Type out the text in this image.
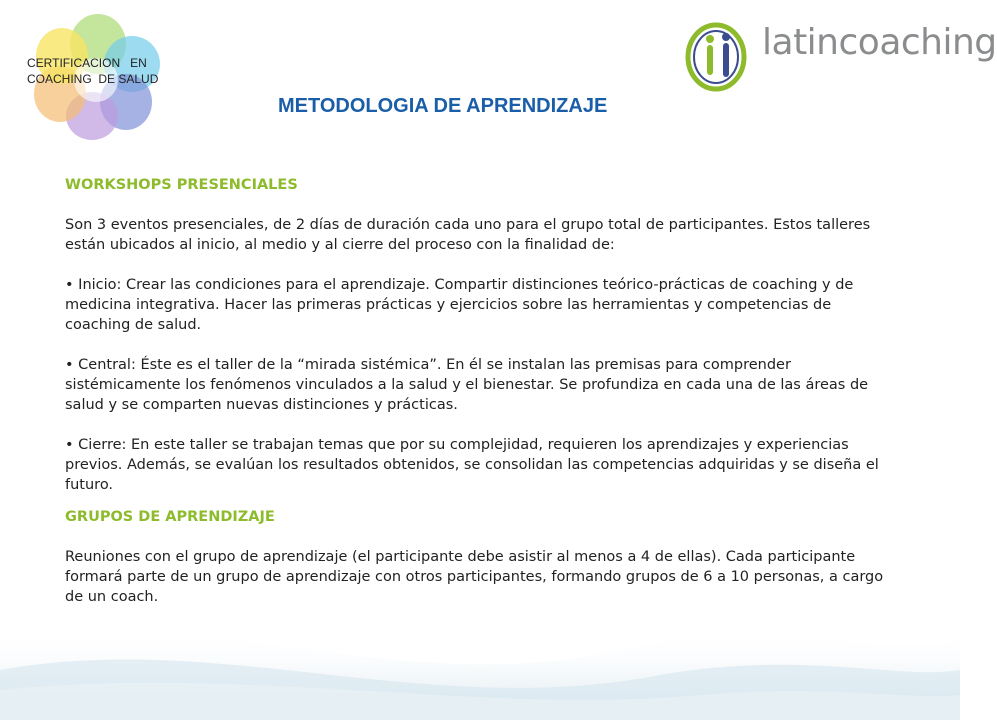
CERTIFICACION   EN
COACHING  DE SALUD
latincoaching
METODOLOGIA DE APRENDIZAJE

WORKSHOPS PRESENCIALES

Son 3 eventos presenciales, de 2 días de duración cada uno para el grupo total de participantes. Estos talleres están ubicados al inicio, al medio y al cierre del proceso con la finalidad de:

• Inicio: Crear las condiciones para el aprendizaje. Compartir distinciones teórico-prácticas de coaching y de medicina integrativa. Hacer las primeras prácticas y ejercicios sobre las herramientas y competencias de coaching de salud.

• Central: Éste es el taller de la “mirada sistémica”. En él se instalan las premisas para comprender sistémicamente los fenómenos vinculados a la salud y el bienestar. Se profundiza en cada una de las áreas de salud y se comparten nuevas distinciones y prácticas.

• Cierre: En este taller se trabajan temas que por su complejidad, requieren los aprendizajes y experiencias previos. Además, se evalúan los resultados obtenidos, se consolidan las competencias adquiridas y se diseña el futuro.

GRUPOS DE APRENDIZAJE

Reuniones con el grupo de aprendizaje (el participante debe asistir al menos a 4 de ellas). Cada participante formará parte de un grupo de aprendizaje con otros participantes, formando grupos de 6 a 10 personas, a cargo de un coach.
